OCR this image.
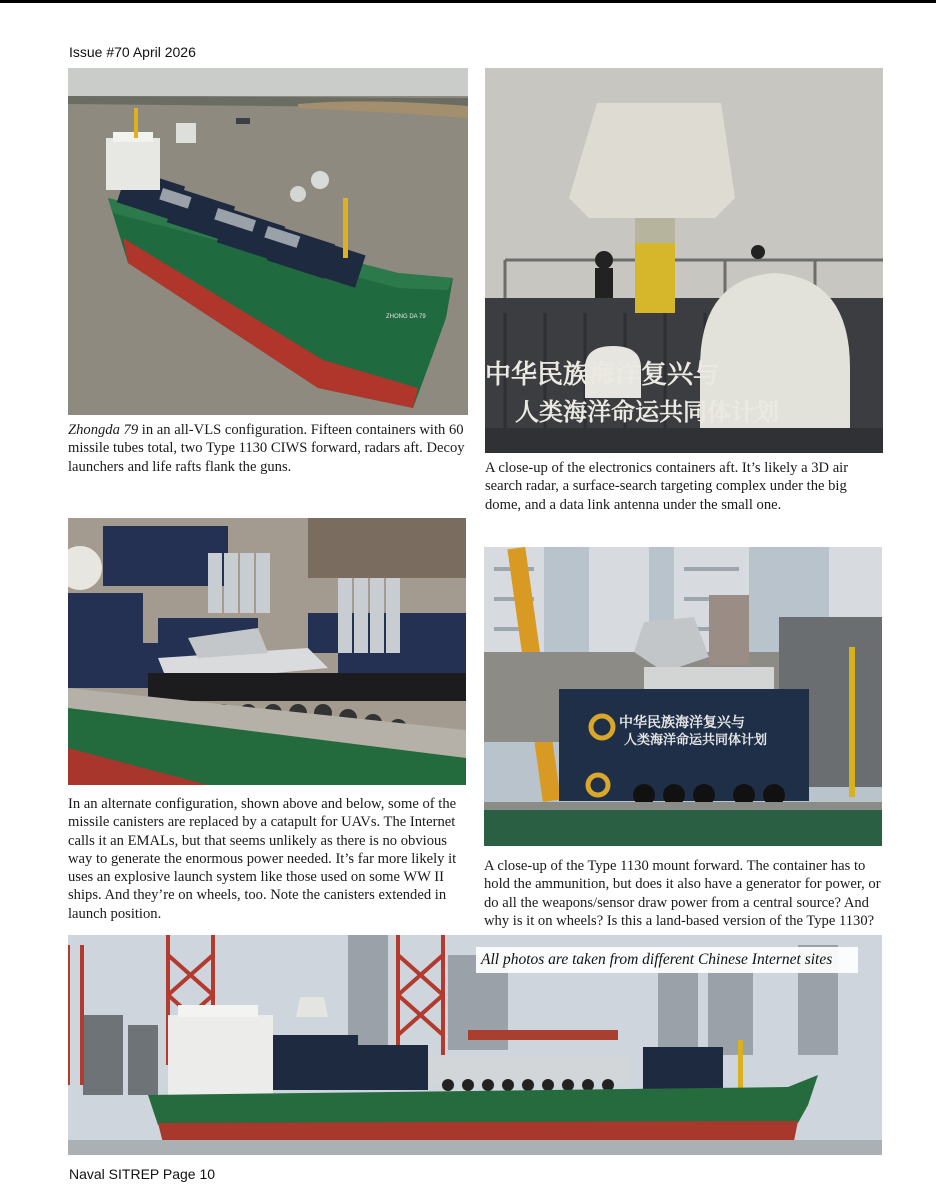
Issue #70 April 2026
ZHONG DA 79

Zhongda 79 in an all-VLS configuration. Fifteen containers with 60 missile tubes total, two Type 1130 CIWS forward, radars aft. Decoy launchers and life rafts flank the guns.

中华民族海洋复兴与
人类海洋命运共同体计划

A close-up of the electronics containers aft. It’s likely a 3D air search radar, a surface-search targeting complex under the big dome, and a data link antenna under the small one.

In an alternate configuration, shown above and below, some of the missile canisters are replaced by a catapult for UAVs. The Internet calls it an EMALs, but that seems unlikely as there is no obvious way to generate the enormous power needed. It’s far more likely it uses an explosive launch system like those used on some WW II ships. And they’re on wheels, too. Note the canisters extended in launch position.

中华民族海洋复兴与
人类海洋命运共同体计划

A close-up of the Type 1130 mount forward. The container has to hold the ammunition, but does it also have a generator for power, or do all the weapons/sensor draw power from a central source? And why is it on wheels? Is this a land-based version of the Type 1130?

All photos are taken from different Chinese Internet sites
Naval SITREP Page 10
